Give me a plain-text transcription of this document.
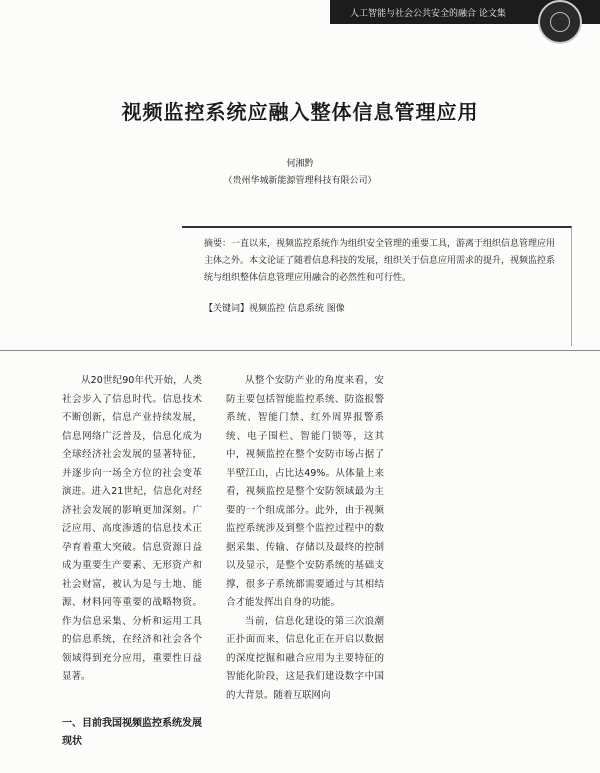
人工智能与社会公共安全的融合 论文集
视频监控系统应融入整体信息管理应用
何湘黔
（贵州华城新能源管理科技有限公司）
摘要：一直以来，视频监控系统作为组织安全管理的重要工具，游离于组织信息管理应用主体之外。本文论证了随着信息科技的发展，组织关于信息应用需求的提升，视频监控系统与组织整体信息管理应用融合的必然性和可行性。
【关键词】视频监控 信息系统 图像

从20世纪90年代开始，人类社会步入了信息时代。信息技术不断创新，信息产业持续发展，信息网络广泛普及，信息化成为全球经济社会发展的显著特征，并逐步向一场全方位的社会变革演进。进入21世纪，信息化对经济社会发展的影响更加深刻。广泛应用、高度渗透的信息技术正孕育着重大突破。信息资源日益成为重要生产要素、无形资产和社会财富，被认为是与土地、能源、材料同等重要的战略物资。作为信息采集、分析和运用工具的信息系统，在经济和社会各个领域得到充分应用，重要性日益显著。

一、目前我国视频监控系统发展现状

从整个安防产业的角度来看，安防主要包括智能监控系统、防盗报警系统、智能门禁、红外周界报警系统、电子围栏、智能门锁等，这其中，视频监控在整个安防市场占据了半壁江山，占比达49%。从体量上来看，视频监控是整个安防领域最为主要的一个组成部分。此外，由于视频监控系统涉及到整个监控过程中的数据采集、传输、存储以及最终的控制以及显示，是整个安防系统的基础支撑，很多子系统都需要通过与其相结合才能发挥出自身的功能。

当前，信息化建设的第三次浪潮正扑面而来，信息化正在开启以数据的深度挖掘和融合应用为主要特征的智能化阶段，这是我们建设数字中国的大背景。随着互联网向
